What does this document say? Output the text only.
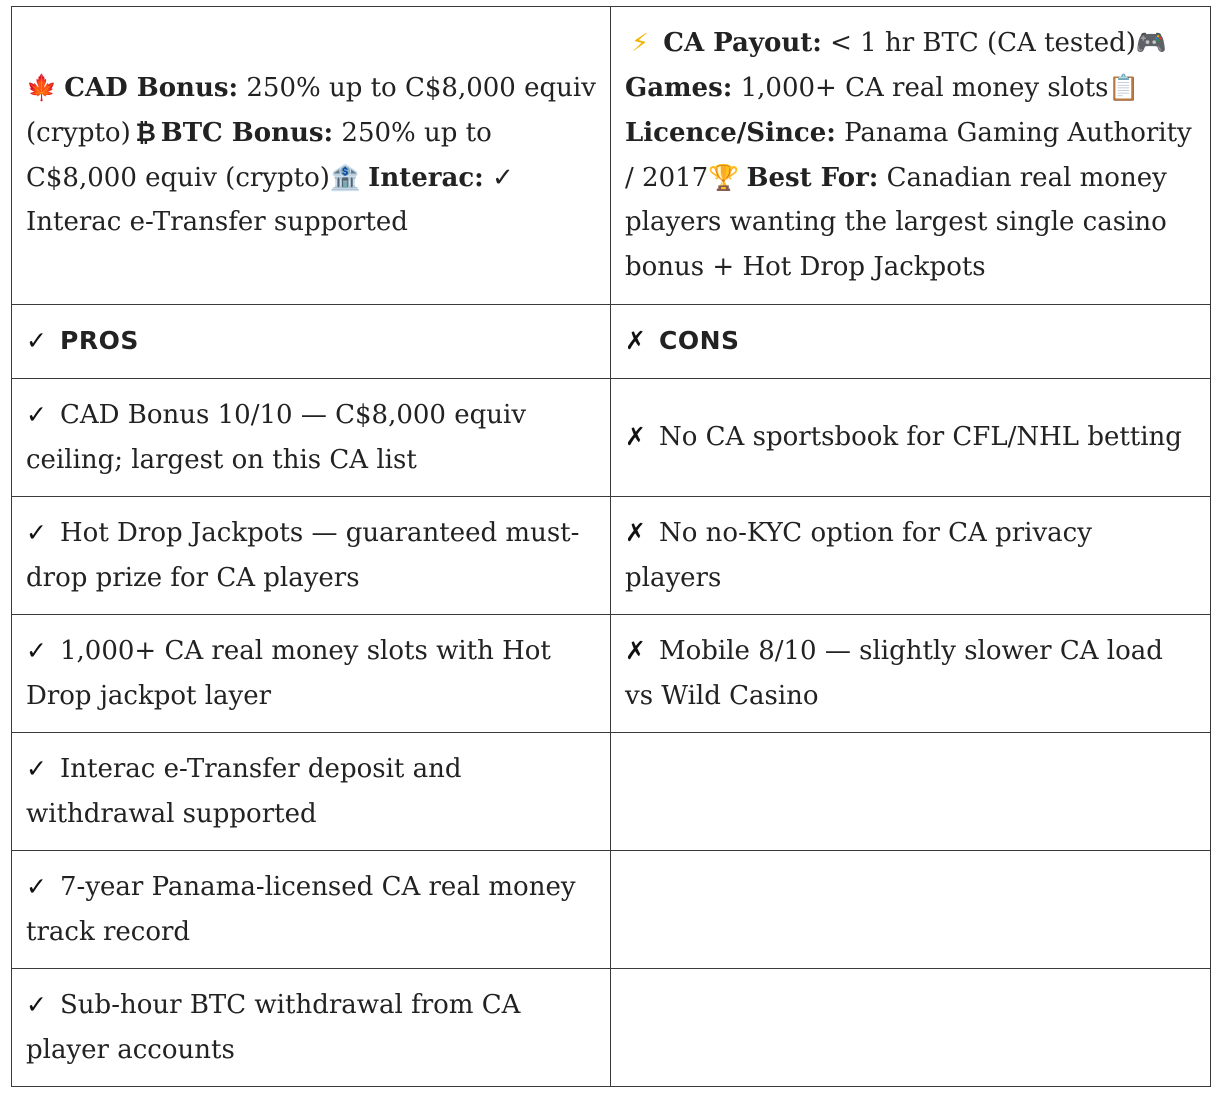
🍁 CAD Bonus: 250% up to C$8,000 equiv (crypto) ₿ BTC Bonus: 250% up to C$8,000 equiv (crypto)🏦 Interac: ✓ Interac e-Transfer supported	⚡ CA Payout: < 1 hr BTC (CA tested)🎮 Games: 1,000+ CA real money slots📋 Licence/Since: Panama Gaming Authority / 2017🏆 Best For: Canadian real money players wanting the largest single casino bonus + Hot Drop Jackpots
✓ PROS	✗ CONS
✓ CAD Bonus 10/10 — C$8,000 equiv ceiling; largest on this CA list	✗ No CA sportsbook for CFL/NHL betting
✓ Hot Drop Jackpots — guaranteed must-drop prize for CA players	✗ No no-KYC option for CA privacy players
✓ 1,000+ CA real money slots with Hot Drop jackpot layer	✗ Mobile 8/10 — slightly slower CA load vs Wild Casino
✓ Interac e-Transfer deposit and withdrawal supported	
✓ 7-year Panama-licensed CA real money track record	
✓ Sub-hour BTC withdrawal from CA player accounts	
